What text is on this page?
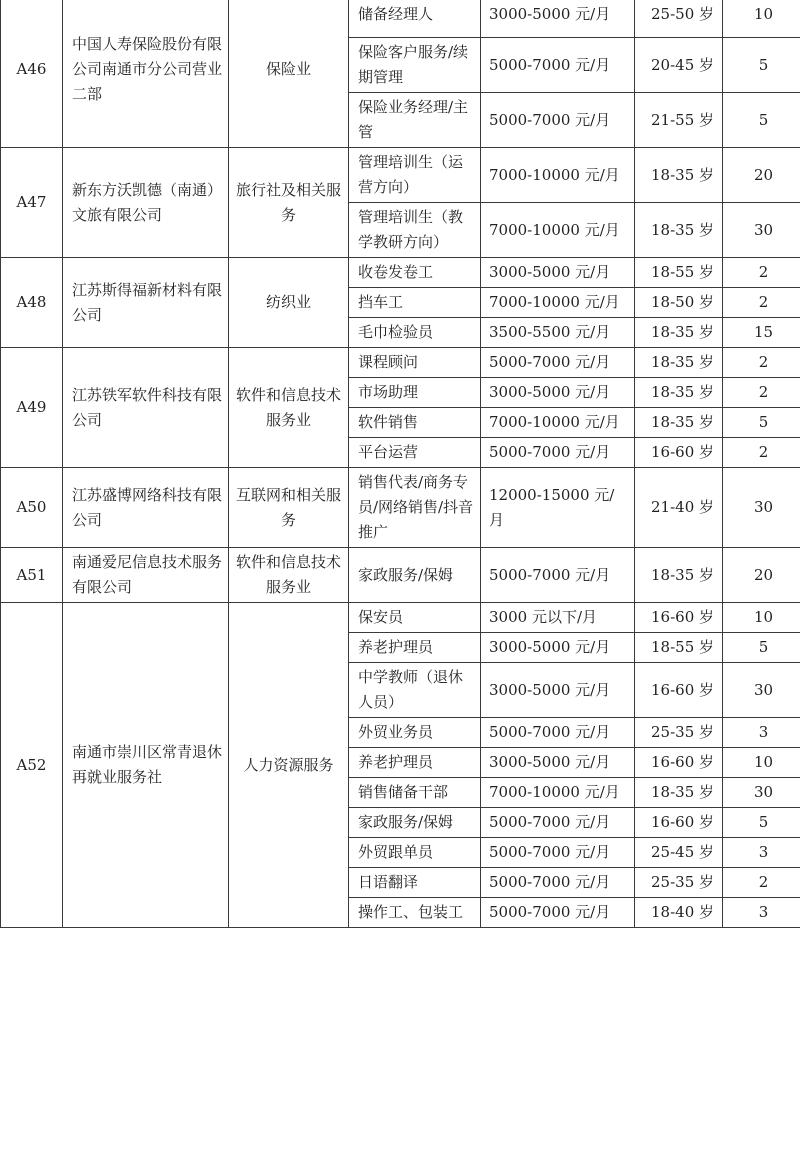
A46	中国人寿保险股份有限公司南通市分公司营业二部	保险业	储备经理人	3000-5000 元/月	25-50 岁	10
			保险客户服务/续期管理	5000-7000 元/月	20-45 岁	5
			保险业务经理/主管	5000-7000 元/月	21-55 岁	5
A47	新东方沃凯德（南通）文旅有限公司	旅行社及相关服务	管理培训生（运营方向）	7000-10000 元/月	18-35 岁	20
			管理培训生（教学教研方向）	7000-10000 元/月	18-35 岁	30
A48	江苏斯得福新材料有限公司	纺织业	收卷发卷工	3000-5000 元/月	18-55 岁	2
			挡车工	7000-10000 元/月	18-50 岁	2
			毛巾检验员	3500-5500 元/月	18-35 岁	15
A49	江苏铁军软件科技有限公司	软件和信息技术服务业	课程顾问	5000-7000 元/月	18-35 岁	2
			市场助理	3000-5000 元/月	18-35 岁	2
			软件销售	7000-10000 元/月	18-35 岁	5
			平台运营	5000-7000 元/月	16-60 岁	2
A50	江苏盛博网络科技有限公司	互联网和相关服务	销售代表/商务专员/网络销售/抖音推广	12000-15000 元/月	21-40 岁	30
A51	南通爱尼信息技术服务有限公司	软件和信息技术服务业	家政服务/保姆	5000-7000 元/月	18-35 岁	20
A52	南通市崇川区常青退休再就业服务社	人力资源服务	保安员	3000 元以下/月	16-60 岁	10
			养老护理员	3000-5000 元/月	18-55 岁	5
			中学教师（退休人员）	3000-5000 元/月	16-60 岁	30
			外贸业务员	5000-7000 元/月	25-35 岁	3
			养老护理员	3000-5000 元/月	16-60 岁	10
			销售储备干部	7000-10000 元/月	18-35 岁	30
			家政服务/保姆	5000-7000 元/月	16-60 岁	5
			外贸跟单员	5000-7000 元/月	25-45 岁	3
			日语翻译	5000-7000 元/月	25-35 岁	2
			操作工、包装工	5000-7000 元/月	18-40 岁	3
